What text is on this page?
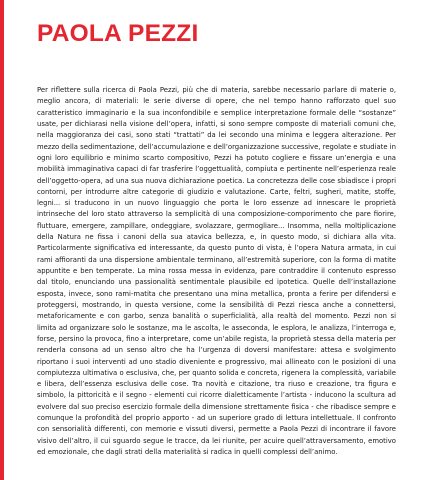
PAOLA PEZZI

Per riflettere sulla ricerca di Paola Pezzi, più che di materia, sarebbe necessario parlare di materie o, meglio ancora, di materiali: le serie diverse di opere, che nel tempo hanno rafforzato quel suo caratteristico immaginario e la sua inconfondibile e semplice interpretazione formale delle “sostanze” usate, per dichiarasi nella visione dell’opera, infatti, si sono sempre composte di materiali comuni che, nella maggioranza dei casi, sono stati “trattati” da lei secondo una minima e leggera alterazione. Per mezzo della sedimentazione, dell’accumulazione e dell’organizzazione successive, regolate e studiate in ogni loro equilibrio e minimo scarto compositivo, Pezzi ha potuto cogliere e fissare un’energia e una mobilità immaginativa capaci di far trasferire l’oggettualità, compiuta e pertinente nell’esperienza reale dell’oggetto-opera, ad una sua nuova dichiarazione poetica. La concretezza delle cose sbiadisce i propri contorni, per introdurre altre categorie di giudizio e valutazione. Carte, feltri, sugheri, matite, stoffe, legni... si traducono in un nuovo linguaggio che porta le loro essenze ad innescare le proprietà intrinseche del loro stato attraverso la semplicità di una composizione-comporimento che pare fiorire, fluttuare, emergere, zampillare, ondeggiare, svolazzare, germogliare... Insomma, nella moltiplicazione della Natura ne fissa i canoni della sua atavica bellezza, e, in questo modo, si dichiara alla vita. Particolarmente significativa ed interessante, da questo punto di vista, è l’opera Natura armata, in cui rami affioranti da una dispersione ambientale terminano, all’estremità superiore, con la forma di matite appuntite e ben temperate. La mina rossa messa in evidenza, pare contraddire il contenuto espresso dal titolo, enunciando una passionalità sentimentale plausibile ed ipotetica. Quelle dell’installazione esposta, invece, sono rami-matita che presentano una mina metallica, pronta a ferire per difendersi e proteggersi, mostrando, in questa versione, come la sensibilità di Pezzi riesca anche a connettersi, metaforicamente e con garbo, senza banalità o superficialità, alla realtà del momento. Pezzi non si limita ad organizzare solo le sostanze, ma le ascolta, le asseconda, le esplora, le analizza, l’interroga e, forse, persino la provoca, fino a interpretare, come un’abile regista, la proprietà stessa della materia per renderla consona ad un senso altro che ha l’urgenza di doversi manifestare: attesa e svolgimento riportano i suoi interventi ad uno stadio diveniente e progressivo, mai allineato con le posizioni di una compiutezza ultimativa o esclusiva, che, per quanto solida e concreta, rigenera la complessità, variabile e libera, dell’essenza esclusiva delle cose. Tra novità e citazione, tra riuso e creazione, tra figura e simbolo, la pittoricità e il segno - elementi cui ricorre dialetticamente l’artista - inducono la scultura ad evolvere dal suo preciso esercizio formale della dimensione strettamente fisica - che ribadisce sempre e comunque la profondità del proprio apporto - ad un superiore grado di lettura intellettuale. Il confronto con sensorialità differenti, con memorie e vissuti diversi, permette a Paola Pezzi di incontrare il favore visivo dell’altro, il cui sguardo segue le tracce, da lei riunite, per acuire quell’attraversamento, emotivo ed emozionale, che dagli strati della materialità si radica in quelli complessi dell’animo.
